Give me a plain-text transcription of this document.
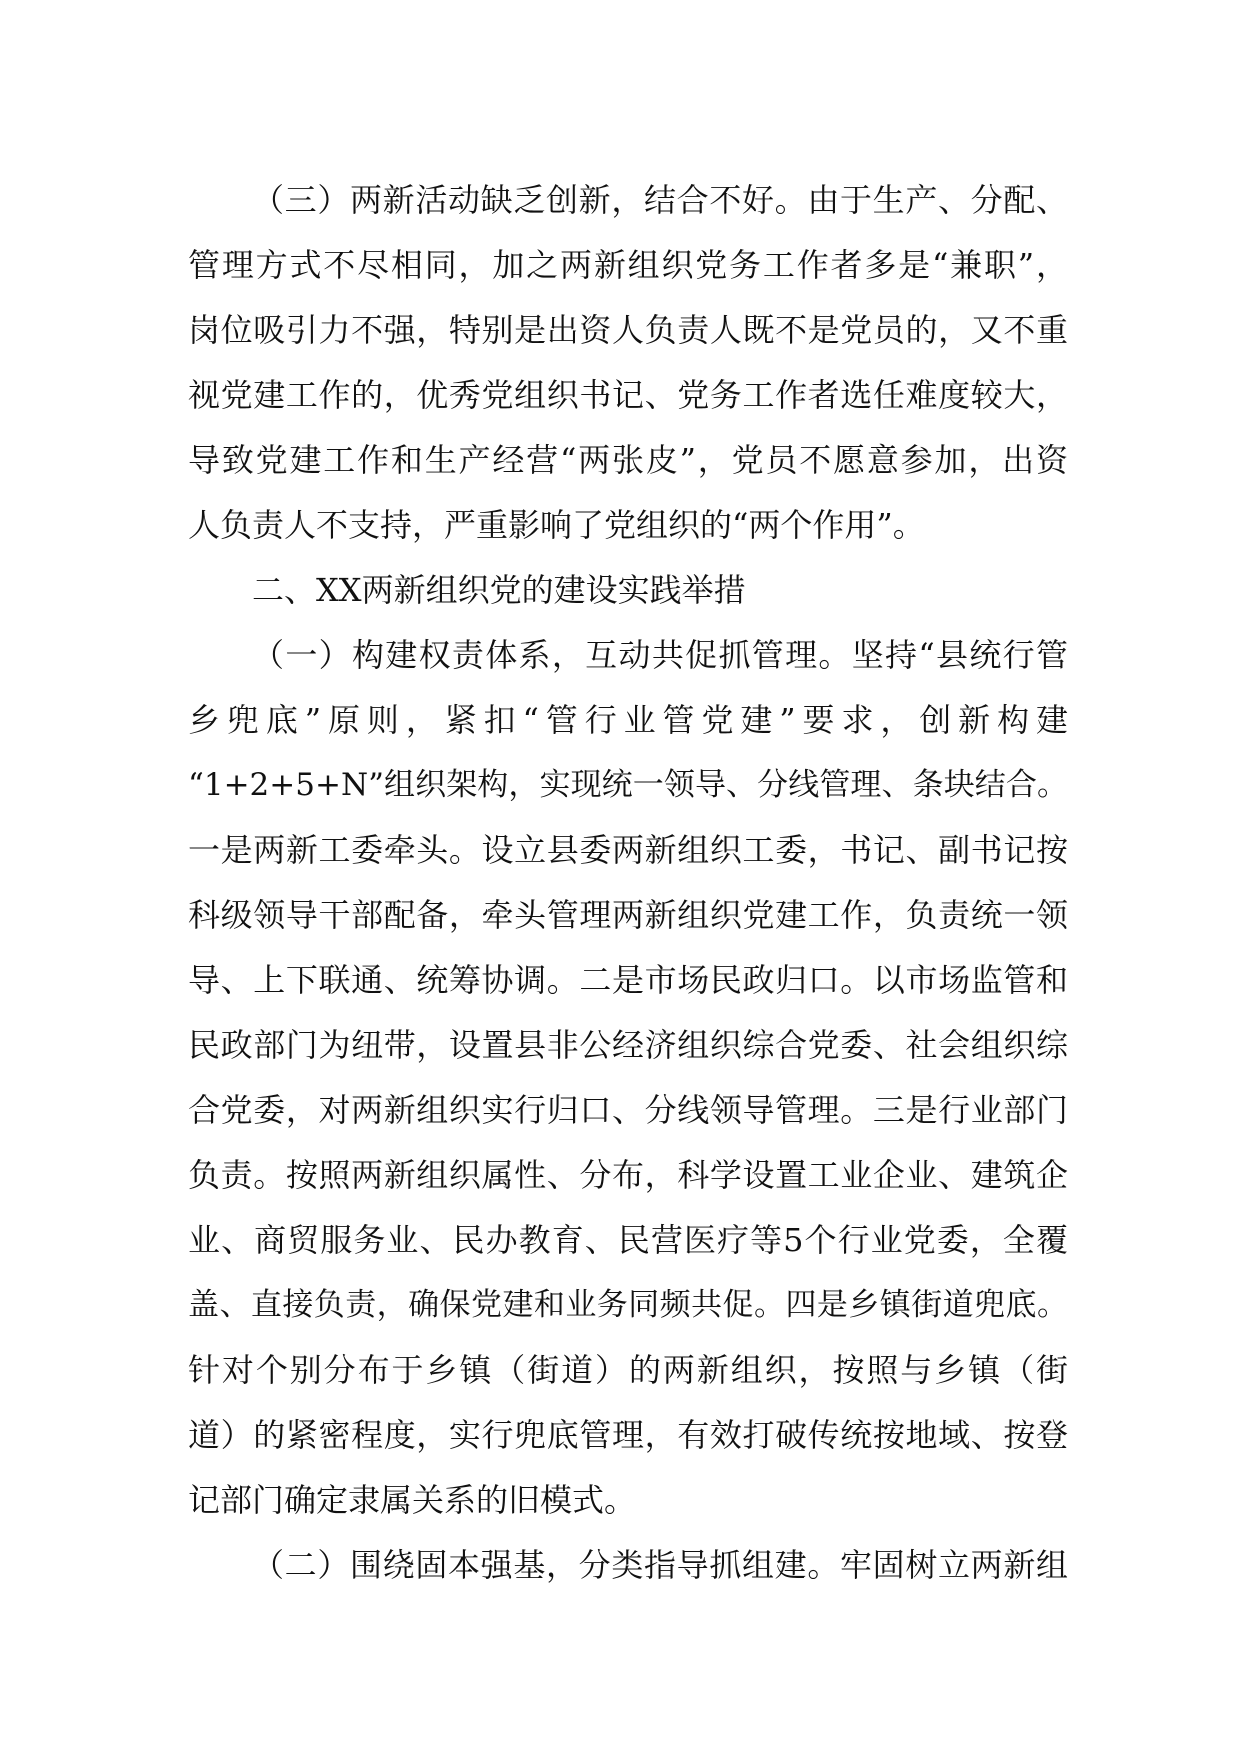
（三）两新活动缺乏创新，结合不好。由于生产、分配、
管理方式不尽相同，加之两新组织党务工作者多是“兼职”，
岗位吸引力不强，特别是出资人负责人既不是党员的，又不重
视党建工作的，优秀党组织书记、党务工作者选任难度较大，
导致党建工作和生产经营“两张皮”，党员不愿意参加，出资
人负责人不支持，严重影响了党组织的“两个作用”。
二、XX两新组织党的建设实践举措
（一）构建权责体系，互动共促抓管理。坚持“县统行管
乡兜底”原则，紧扣“管行业管党建”要求，创新构建
“1+2+5+N”组织架构，实现统一领导、分线管理、条块结合。
一是两新工委牵头。设立县委两新组织工委，书记、副书记按
科级领导干部配备，牵头管理两新组织党建工作，负责统一领
导、上下联通、统筹协调。二是市场民政归口。以市场监管和
民政部门为纽带，设置县非公经济组织综合党委、社会组织综
合党委，对两新组织实行归口、分线领导管理。三是行业部门
负责。按照两新组织属性、分布，科学设置工业企业、建筑企
业、商贸服务业、民办教育、民营医疗等5个行业党委，全覆
盖、直接负责，确保党建和业务同频共促。四是乡镇街道兜底。
针对个别分布于乡镇（街道）的两新组织，按照与乡镇（街
道）的紧密程度，实行兜底管理，有效打破传统按地域、按登
记部门确定隶属关系的旧模式。
（二）围绕固本强基，分类指导抓组建。牢固树立两新组
